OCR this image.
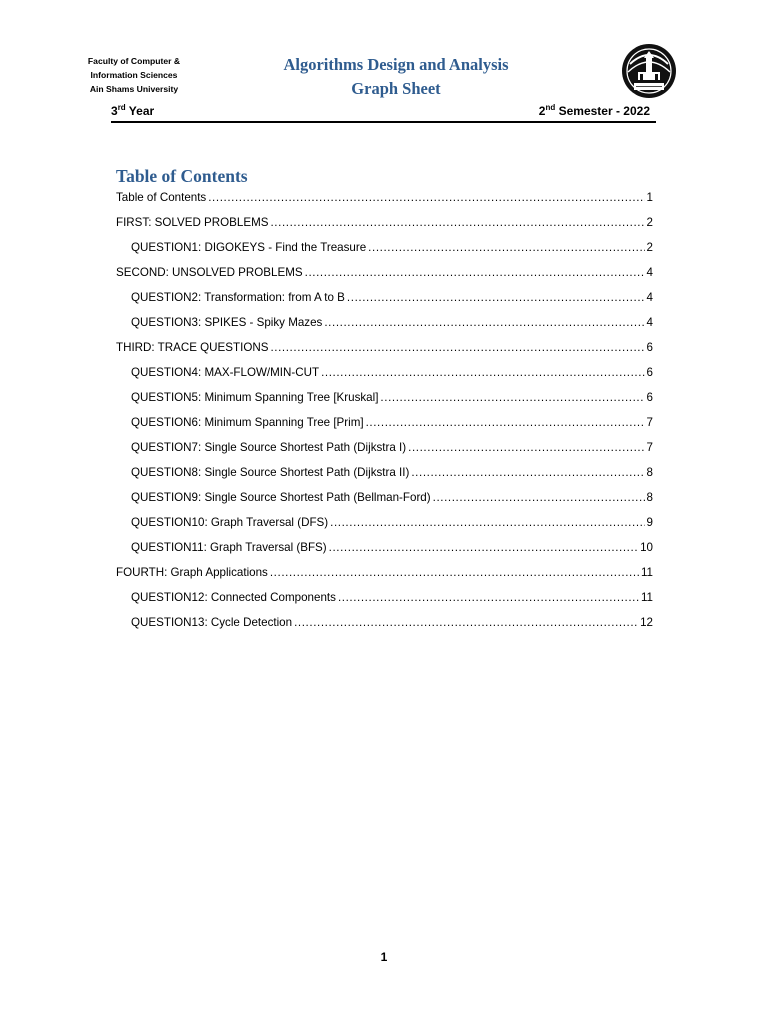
Faculty of Computer &
Information Sciences
Ain Shams University
Algorithms Design and Analysis
Graph Sheet
3rd Year	2nd Semester - 2022
Table of Contents
Table of Contents .....	1
FIRST: SOLVED PROBLEMS .....	2
QUESTION1: DIGOKEYS - Find the Treasure .....	2
SECOND: UNSOLVED PROBLEMS .....	4
QUESTION2: Transformation: from A to B .....	4
QUESTION3: SPIKES - Spiky Mazes .....	4
THIRD: TRACE QUESTIONS .....	6
QUESTION4: MAX-FLOW/MIN-CUT .....	6
QUESTION5: Minimum Spanning Tree [Kruskal] .....	6
QUESTION6: Minimum Spanning Tree [Prim] .....	7
QUESTION7: Single Source Shortest Path (Dijkstra I) .....	7
QUESTION8: Single Source Shortest Path (Dijkstra II) .....	8
QUESTION9: Single Source Shortest Path (Bellman-Ford) .....	8
QUESTION10: Graph Traversal (DFS) .....	9
QUESTION11: Graph Traversal (BFS) .....	10
FOURTH: Graph Applications .....	11
QUESTION12: Connected Components .....	11
QUESTION13: Cycle Detection .....	12
1
